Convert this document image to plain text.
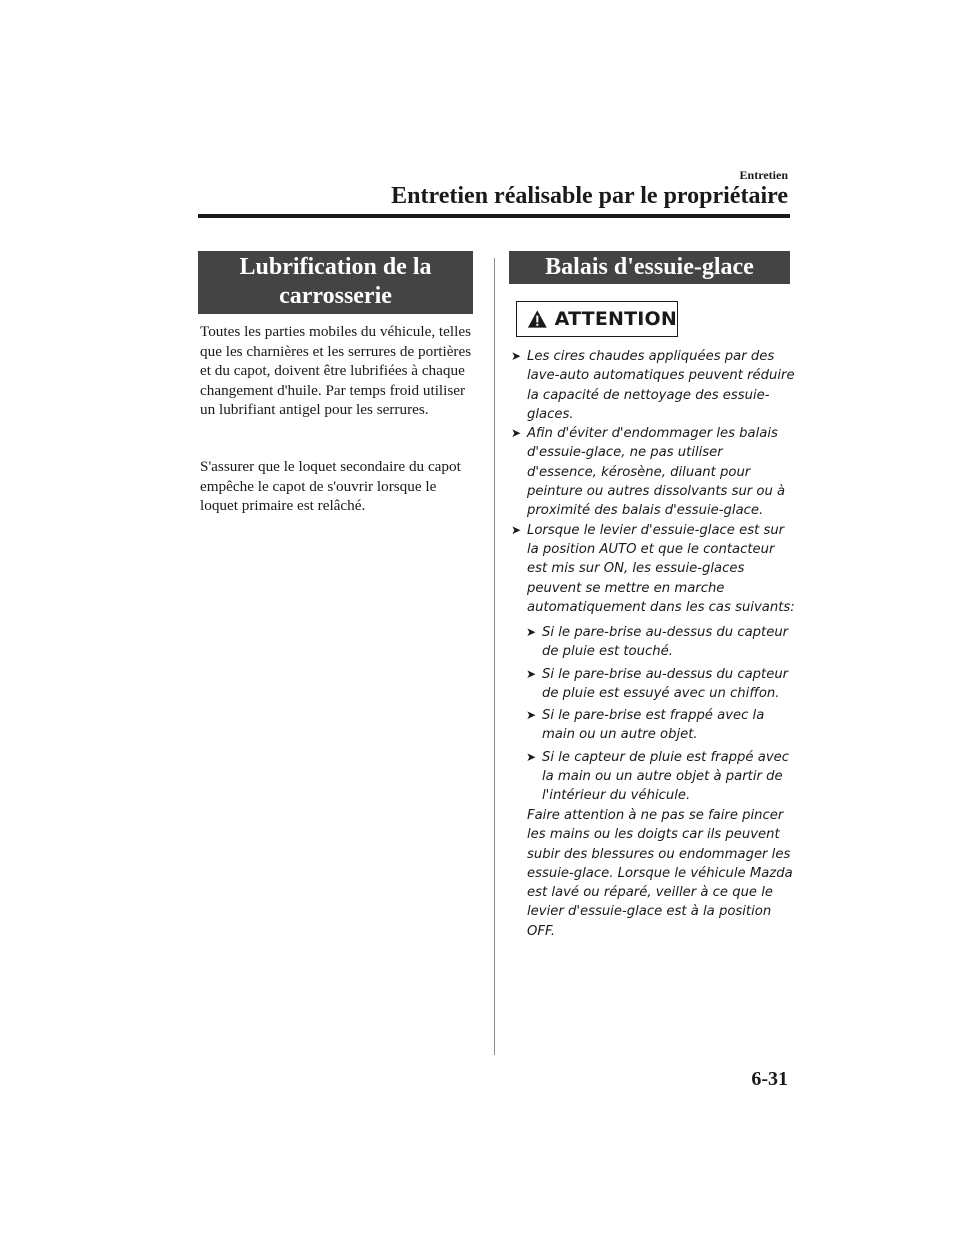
Entretien
Entretien réalisable par le propriétaire
Lubrification de la
carrosserie
Toutes les parties mobiles du véhicule, telles que les charnières et les serrures de portières et du capot, doivent être lubrifiées à chaque changement d'huile. Par temps froid utiliser un lubrifiant antigel pour les serrures.
S'assurer que le loquet secondaire du capot empêche le capot de s'ouvrir lorsque le loquet primaire est relâché.
Balais d'essuie-glace
ATTENTION
➤ Les cires chaudes appliquées par des lave-auto automatiques peuvent réduire la capacité de nettoyage des essuie-glaces.
➤ Afin d'éviter d'endommager les balais d'essuie-glace, ne pas utiliser d'essence, kérosène, diluant pour peinture ou autres dissolvants sur ou à proximité des balais d'essuie-glace.
➤ Lorsque le levier d'essuie-glace est sur la position AUTO et que le contacteur est mis sur ON, les essuie-glaces peuvent se mettre en marche automatiquement dans les cas suivants:
➤ Si le pare-brise au-dessus du capteur de pluie est touché.
➤ Si le pare-brise au-dessus du capteur de pluie est essuyé avec un chiffon.
➤ Si le pare-brise est frappé avec la main ou un autre objet.
➤ Si le capteur de pluie est frappé avec la main ou un autre objet à partir de l'intérieur du véhicule.
Faire attention à ne pas se faire pincer les mains ou les doigts car ils peuvent subir des blessures ou endommager les essuie-glace. Lorsque le véhicule Mazda est lavé ou réparé, veiller à ce que le levier d'essuie-glace est à la position OFF.
6-31
